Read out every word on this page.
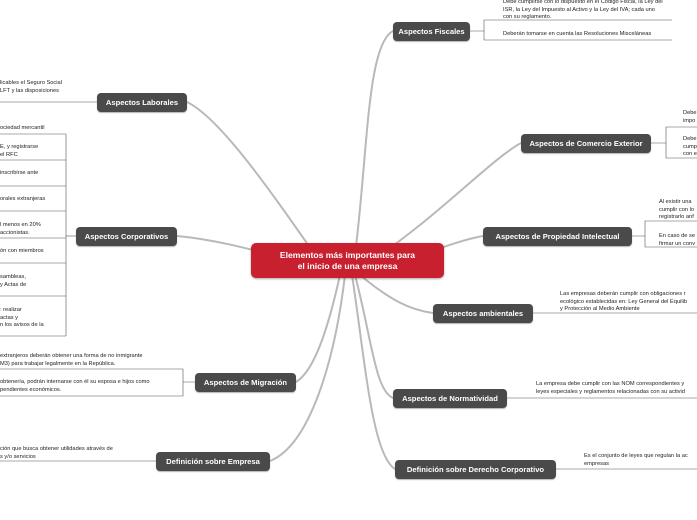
Elementos más importantes para
el inicio de una empresa
Aspectos Fiscales
Aspectos de Comercio Exterior
Aspectos de Propiedad Intelectual
Aspectos ambientales
Aspectos de Normatividad
Definición sobre Derecho Corporativo
Aspectos Laborales
Aspectos Corporativos
Aspectos de Migración
Definición sobre Empresa
Debe cumplirse con lo dispuesto en el Código Fiscal, la Ley del
ISR, la Ley del Impuesto al Activo y la Ley del IVA; cada uno
con su reglamento.
Deberán tomarse en cuenta las Resoluciones Misceláneas
Debe
impo
Debe
cump
con e
Al existir una
cumplir con lo
registrarlo anf
En caso de se
firmar un conv
Las empresas deberán cumplir con obligaciones r
ecológico establecidas en: Ley General del Equilib
y Protección al Medio Ambiente
La empresa debe cumplir con las NOM correspondientes y
leyes especiales y reglamentos relacionadas con su activid
Es el conjunto de leyes que regulan la ac
empresas
licables el Seguro Social
LFT y las disposiciones
ociedad mercantil
E, y registrarse
el RFC
inscribirse ante
orales extranjeras
l menos en 20%
accionistas.
ón con miembros
sambleas,
y Actas de
: realizar
actas y
n los avisos de la
extranjeros deberán obtener una forma de no inmigrante
M3) para trabajar legalmente en la República.
obtenería, podrán internarse con él su esposa e hijos como
pendientes económicos.
ción que busca obtener utilidades através de
s y/o servicios
